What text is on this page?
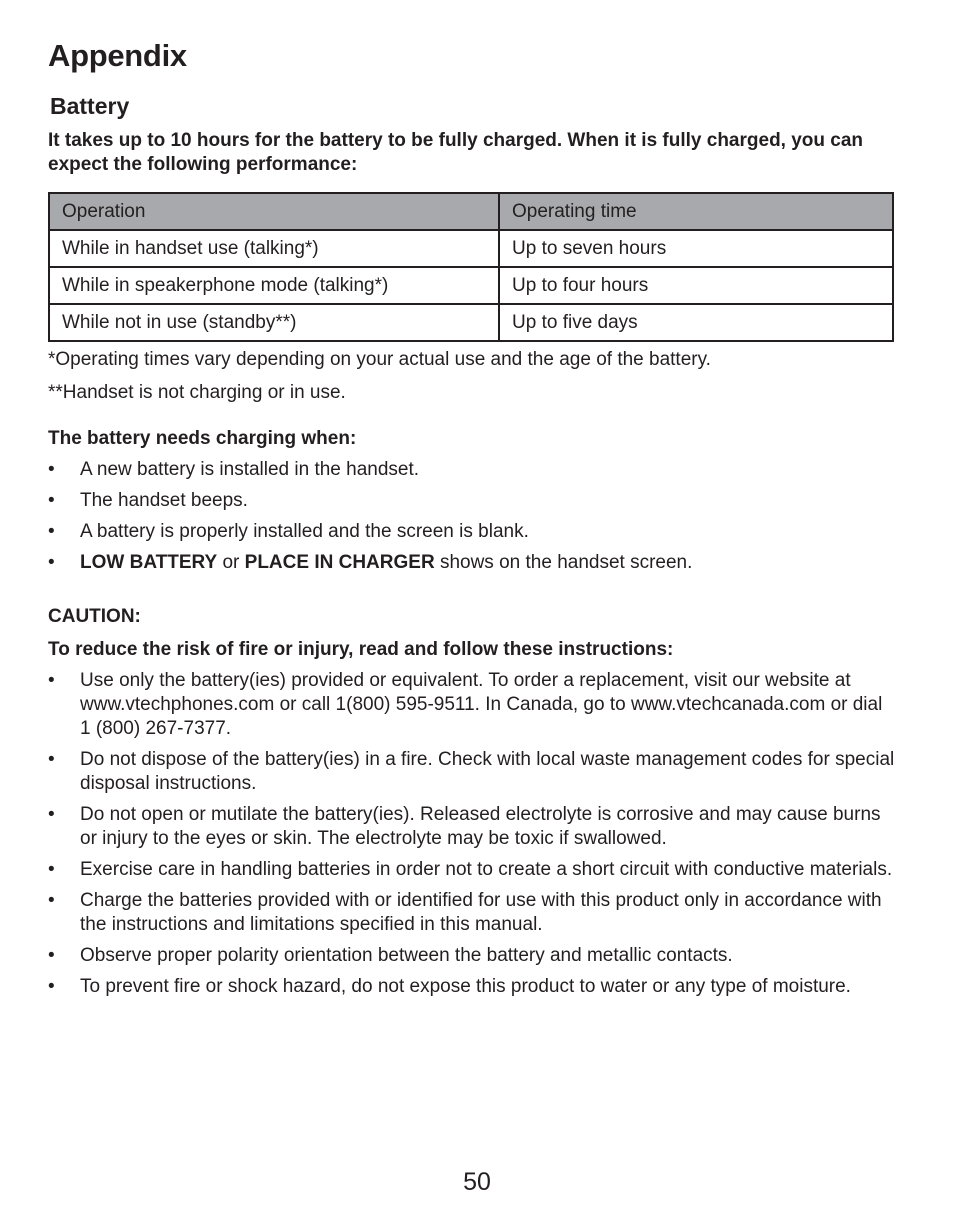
Appendix
Battery

It takes up to 10 hours for the battery to be fully charged. When it is fully charged, you can expect the following performance:

Operation	Operating time
While in handset use (talking*)	Up to seven hours
While in speakerphone mode (talking*)	Up to four hours
While not in use (standby**)	Up to five days

*Operating times vary depending on your actual use and the age of the battery.

**Handset is not charging or in use.

The battery needs charging when:

• A new battery is installed in the handset.
• The handset beeps.
• A battery is properly installed and the screen is blank.
• LOW BATTERY or PLACE IN CHARGER shows on the handset screen.

CAUTION:

To reduce the risk of fire or injury, read and follow these instructions:

• Use only the battery(ies) provided or equivalent. To order a replacement, visit our website at www.vtechphones.com or call 1(800) 595-9511. In Canada, go to www.vtechcanada.com or dial 1 (800) 267-7377.
• Do not dispose of the battery(ies) in a fire. Check with local waste management codes for special disposal instructions.
• Do not open or mutilate the battery(ies). Released electrolyte is corrosive and may cause burns or injury to the eyes or skin. The electrolyte may be toxic if swallowed.
• Exercise care in handling batteries in order not to create a short circuit with conductive materials.
• Charge the batteries provided with or identified for use with this product only in accordance with the instructions and limitations specified in this manual.
• Observe proper polarity orientation between the battery and metallic contacts.
• To prevent fire or shock hazard, do not expose this product to water or any type of moisture.
50
